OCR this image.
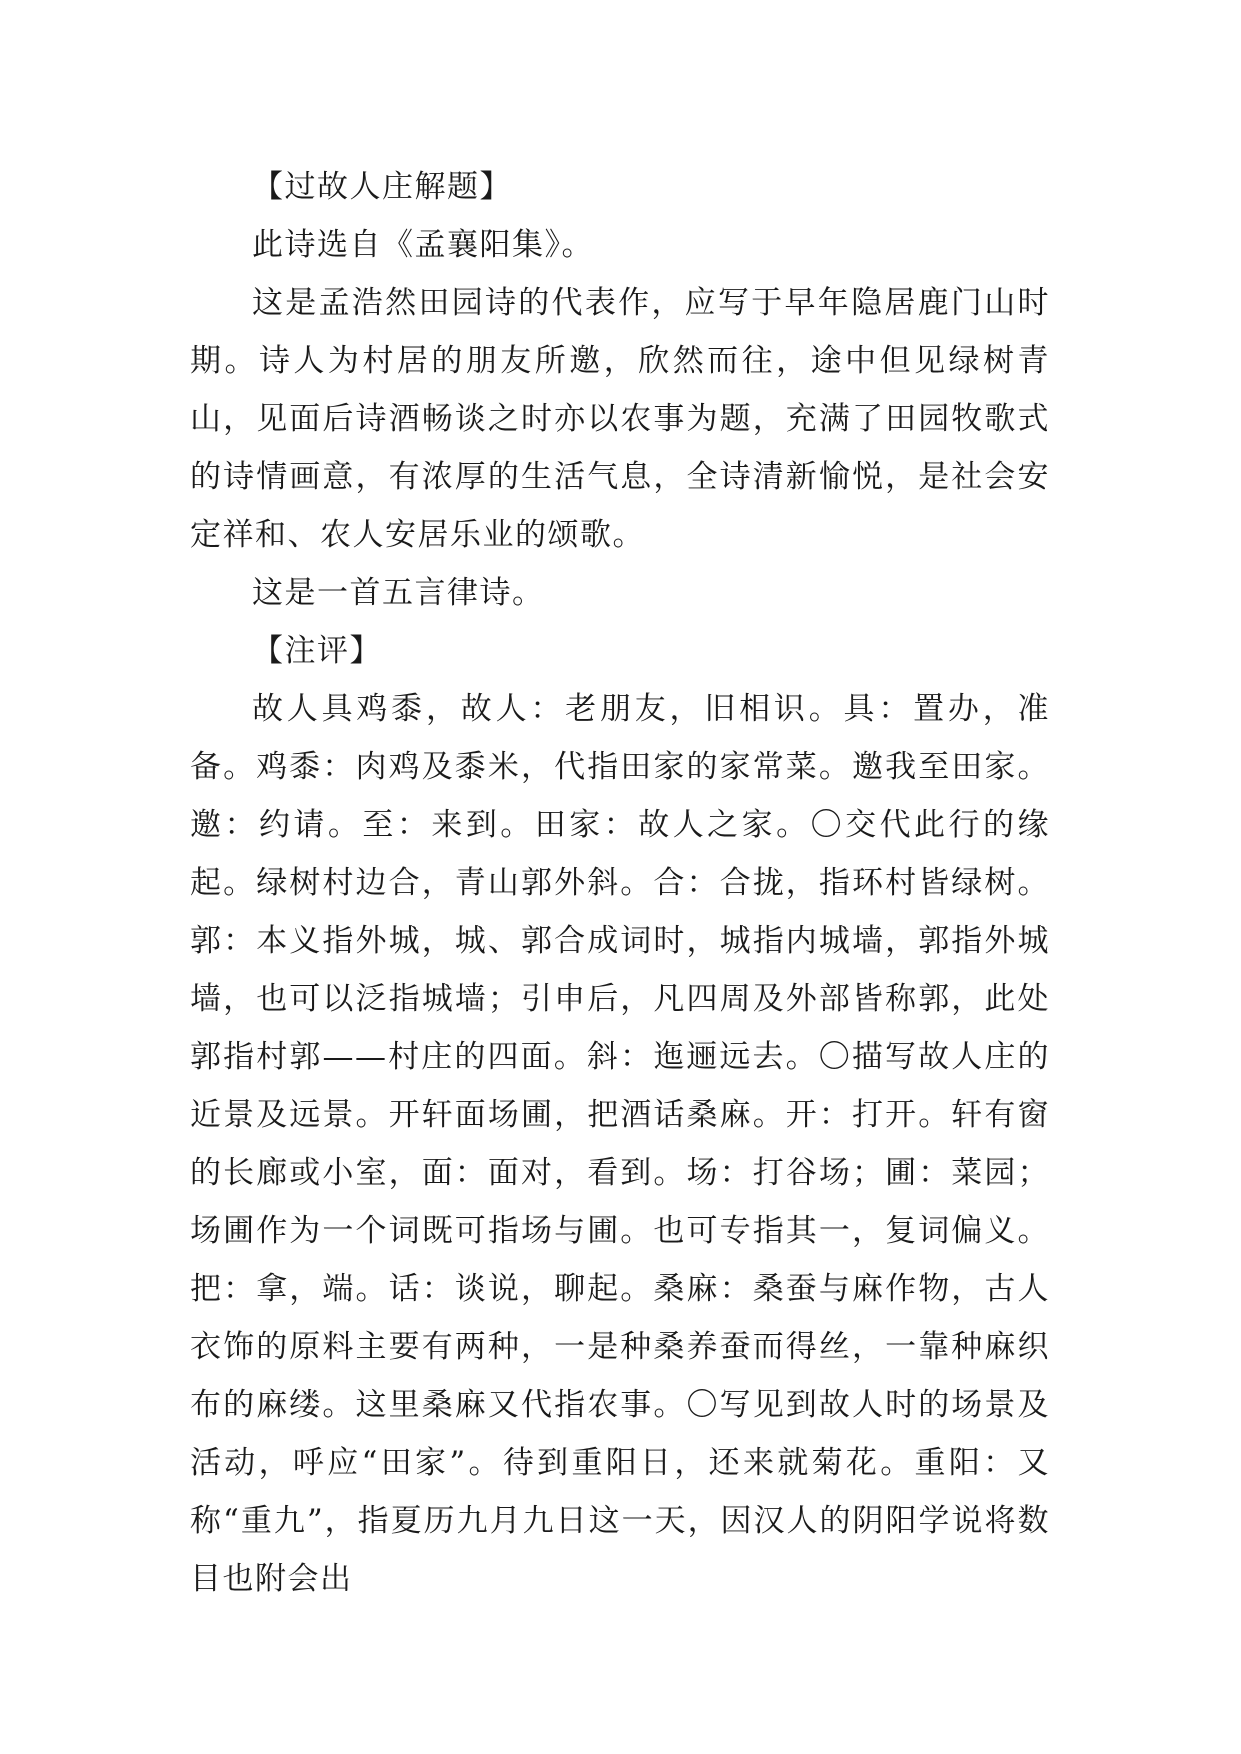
【过故人庄解题】

此诗选自《孟襄阳集》。

这是孟浩然田园诗的代表作，应写于早年隐居鹿门山时期。诗人为村居的朋友所邀，欣然而往，途中但见绿树青山，见面后诗酒畅谈之时亦以农事为题，充满了田园牧歌式的诗情画意，有浓厚的生活气息，全诗清新愉悦，是社会安定祥和、农人安居乐业的颂歌。

这是一首五言律诗。

【注评】

故人具鸡黍，故人：老朋友，旧相识。具：置办，准备。鸡黍：肉鸡及黍米，代指田家的家常菜。邀我至田家。邀：约请。至：来到。田家：故人之家。〇交代此行的缘起。绿树村边合，青山郭外斜。合：合拢，指环村皆绿树。郭：本义指外城，城、郭合成词时，城指内城墙，郭指外城墙，也可以泛指城墙；引申后，凡四周及外部皆称郭，此处郭指村郭——村庄的四面。斜：迤逦远去。〇描写故人庄的近景及远景。开轩面场圃，把酒话桑麻。开：打开。轩有窗的长廊或小室，面：面对，看到。场：打谷场；圃：菜园；场圃作为一个词既可指场与圃。也可专指其一，复词偏义。把：拿，端。话：谈说，聊起。桑麻：桑蚕与麻作物，古人衣饰的原料主要有两种，一是种桑养蚕而得丝，一靠种麻织布的麻缕。这里桑麻又代指农事。〇写见到故人时的场景及活动，呼应“田家”。待到重阳日，还来就菊花。重阳：又称“重九”，指夏历九月九日这一天，因汉人的阴阳学说将数目也附会出
